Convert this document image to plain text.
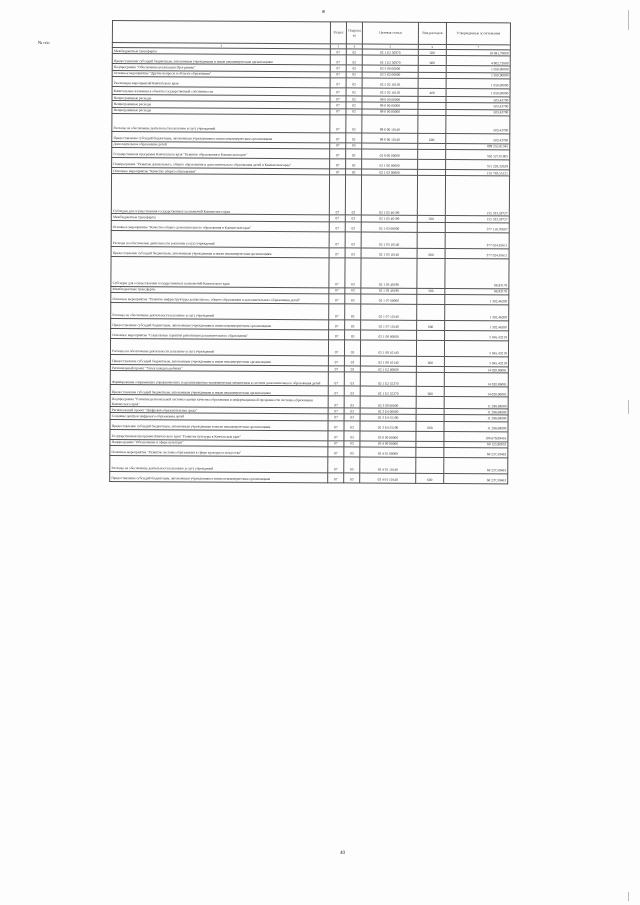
№ п/п
	Раздел	Подраздел	Целевая статья	Вид расходов	Утвержденные ассигнования
2	3	4	5	6	7
Межбюджетные трансферты	07	02	02 1 E2 50970	500	10 691,70000
Предоставление субсидий бюджетным, автономным учреждениям и иным некоммерческим организациям	07	02	02 1 E2 50970	600	4 902,72600
Подпрограмма "Обеспечение реализации Программы"	07	02	02 5 00 00000		1 050,00000
Основное мероприятие "Другие вопросы в области образования"	07	02	02 5 02 00000		1 050,00000
Реализация мероприятий Камчатского края	07	02	02 5 02 10130		1 050,00000
Капитальные вложения в объекты государственной собственности	07	02	02 5 02 10130	400	1 050,00000
Непрограммные расходы	07	02	99 0 00 00000		503,43700
Непрограммные расходы	07	02	99 0 00 00000		503,43700
Непрограммные расходы	07	02	99 0 00 00000		503,43700
Расходы на обеспечение деятельности (оказание услуг) учреждений	07	02	99 0 00 10140		503,43700
Предоставление субсидий бюджетным, автономным учреждениям и иным некоммерческим организациям	07	02	99 0 00 10140	600	503,43700
Дополнительное образование детей	07	03			899 255,81345
Государственная программа Камчатского края "Развитие образования в Камчатском крае"	07	03	02 0 00 00000		562 527,01805
Подпрограмма "Развитие дошкольного, общего образования и дополнительного образования детей в Камчатском крае"	07	03	02 1 00 00000		551 228,32629
Основное мероприятие "Качество общего образования"	07	03	02 1 02 00000		155 783,55121
Субсидии для осуществления государственных полномочий Камчатского края	07	03	02 1 02 40190		155 333,59727
Межбюджетные трансферты	07	03	02 1 02 40190	500	155 333,59727
Основное мероприятие "Качество общего дополнительного образования в Камчатском крае"	07	03	02 1 03 00000		377 118,70607
Расходы на обеспечение деятельности (оказание услуг) учреждений	07	03	02 1 03 10140		377 024,81611
Предоставление субсидий бюджетным, автономным учреждениям и иным некоммерческим организациям	07	03	02 1 03 10140	600	377 024,81611
Субсидии для осуществления государственных полномочий Камчатского края	07	03	02 1 03 40190		86,93176
Межбюджетные трансферты	07	03	02 1 03 40190	500	86,93176
Основное мероприятие "Развитие инфраструктуры дошкольного, общего образования и дополнительного образования детей"	07	03	02 1 07 00000		1 302,46200
Расходы на обеспечение деятельности (оказание услуг) учреждений	07	03	02 1 07 10140		1 302,46200
Предоставление субсидий бюджетным, автономным учреждениям и иным некоммерческим организациям	07	03	02 1 07 10140	600	1 302,46200
Основное мероприятие "Социальные гарантии работникам дополнительного образования"	07	03	02 1 08 00000		5 045,43219
Расходы на обеспечение деятельности (оказание услуг) учреждений	07	03	02 1 08 10140		5 045,43219
Предоставление субсидий бюджетным, автономным учреждениям и иным некоммерческим организациям	07	03	02 1 08 10140	600	5 045,43219
Региональный проект "Успех каждого ребенка"	07	03	02 1 E2 00000		14 020,06081
Формирование современных управленческих и организационно-экономических механизмов в системе дополнительного образования детей	07	03	02 1 E2 55370		14 020,06081
Предоставление субсидий бюджетным, автономным учреждениям и иным некоммерческим организациям	07	03	02 1 E2 55370	600	14 020,06081
Подпрограмма "Развитие региональной системы оценки качества образования и информационной прозрачности системы образования Камчатского края"	07	03	02 3 00 00000		11 298,69000
Региональный проект "Цифровая образовательная среда"	07	03	02 3 E4 00000		11 298,69000
Создание центров цифрового образования детей	07	03	02 3 E4 55190		11 298,69000
Предоставление субсидий бюджетным, автономным учреждениям и иным некоммерческим организациям	07	03	02 3 E4 55190	600	11 298,69000
Государственная программа Камчатского края "Развитие культуры в Камчатском крае"	07	03	03 0 00 00000		106 679,89416
Подпрограмма "Обеспечение в сфере культуры"	07	03	03 4 00 00000		69 125,90853
Основное мероприятие "Развитие системы образования в сфере культуры и искусства"	07	03	03 4 01 00000		68 237,59463
Расходы на обеспечение деятельности (оказание услуг) учреждений	07	03	03 4 01 10140		68 237,59463
Предоставление субсидий бюджетным, автономным учреждениям и иным некоммерческим организациям	07	03	03 4 01 10140	600	68 237,59463
40
